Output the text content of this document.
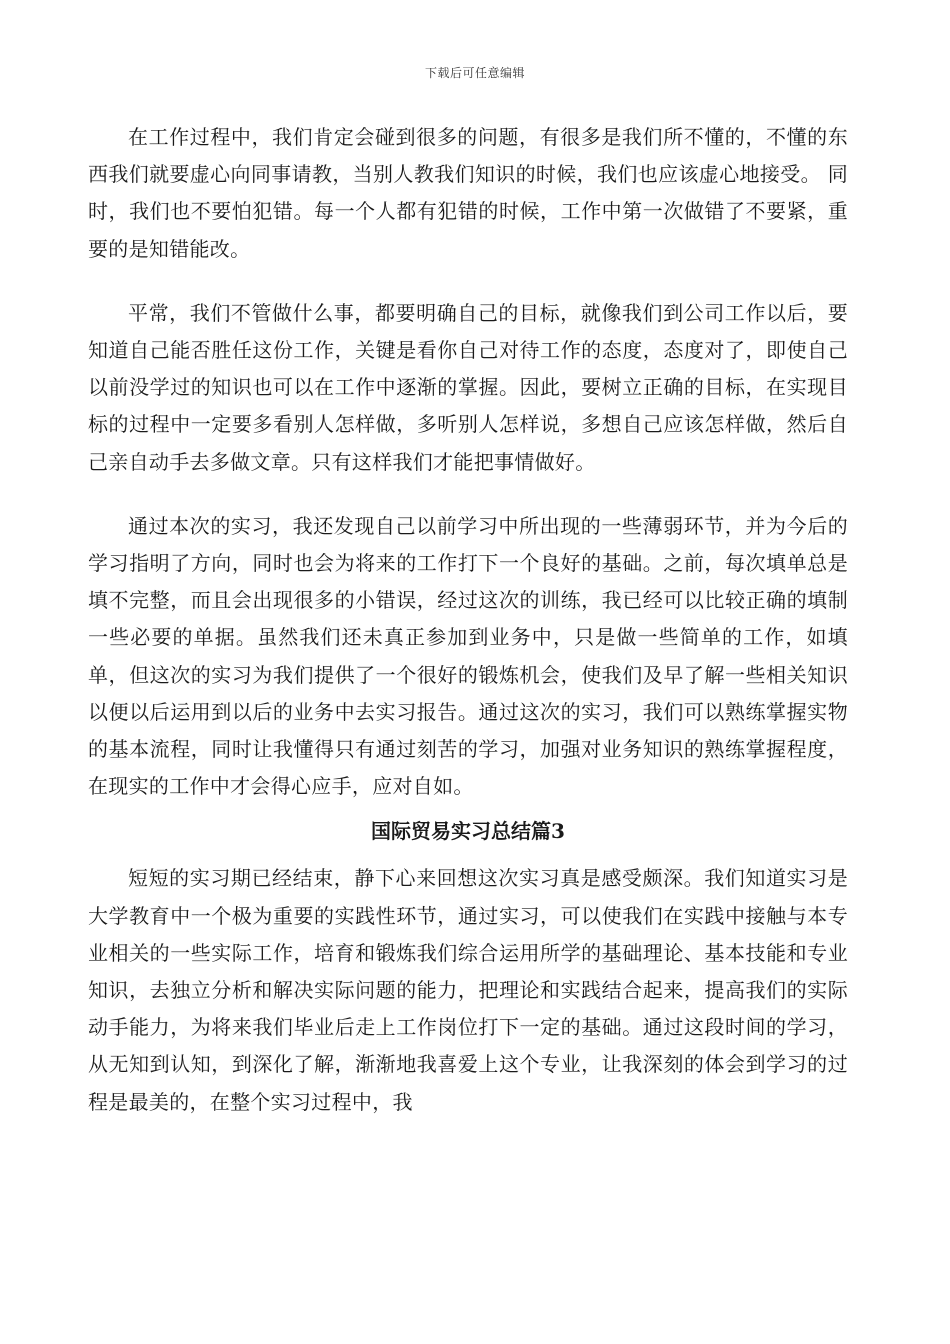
下载后可任意编辑

在工作过程中，我们肯定会碰到很多的问题，有很多是我们所不懂的，不懂的东西我们就要虚心向同事请教，当别人教我们知识的时候，我们也应该虚心地接受。 同时，我们也不要怕犯错。每一个人都有犯错的时候，工作中第一次做错了不要紧，重要的是知错能改。

平常，我们不管做什么事，都要明确自己的目标，就像我们到公司工作以后，要知道自己能否胜任这份工作，关键是看你自己对待工作的态度，态度对了，即使自己以前没学过的知识也可以在工作中逐渐的掌握。因此，要树立正确的目标，在实现目标的过程中一定要多看别人怎样做，多听别人怎样说，多想自己应该怎样做，然后自己亲自动手去多做文章。只有这样我们才能把事情做好。

通过本次的实习，我还发现自己以前学习中所出现的一些薄弱环节，并为今后的学习指明了方向，同时也会为将来的工作打下一个良好的基础。之前，每次填单总是填不完整，而且会出现很多的小错误，经过这次的训练，我已经可以比较正确的填制一些必要的单据。虽然我们还未真正参加到业务中，只是做一些简单的工作，如填单，但这次的实习为我们提供了一个很好的锻炼机会，使我们及早了解一些相关知识以便以后运用到以后的业务中去实习报告。通过这次的实习，我们可以熟练掌握实物的基本流程，同时让我懂得只有通过刻苦的学习，加强对业务知识的熟练掌握程度，在现实的工作中才会得心应手，应对自如。

国际贸易实习总结篇3

短短的实习期已经结束，静下心来回想这次实习真是感受颇深。我们知道实习是大学教育中一个极为重要的实践性环节，通过实习，可以使我们在实践中接触与本专业相关的一些实际工作，培育和锻炼我们综合运用所学的基础理论、基本技能和专业知识，去独立分析和解决实际问题的能力，把理论和实践结合起来，提高我们的实际动手能力，为将来我们毕业后走上工作岗位打下一定的基础。通过这段时间的学习，从无知到认知，到深化了解，渐渐地我喜爱上这个专业，让我深刻的体会到学习的过程是最美的，在整个实习过程中，我
